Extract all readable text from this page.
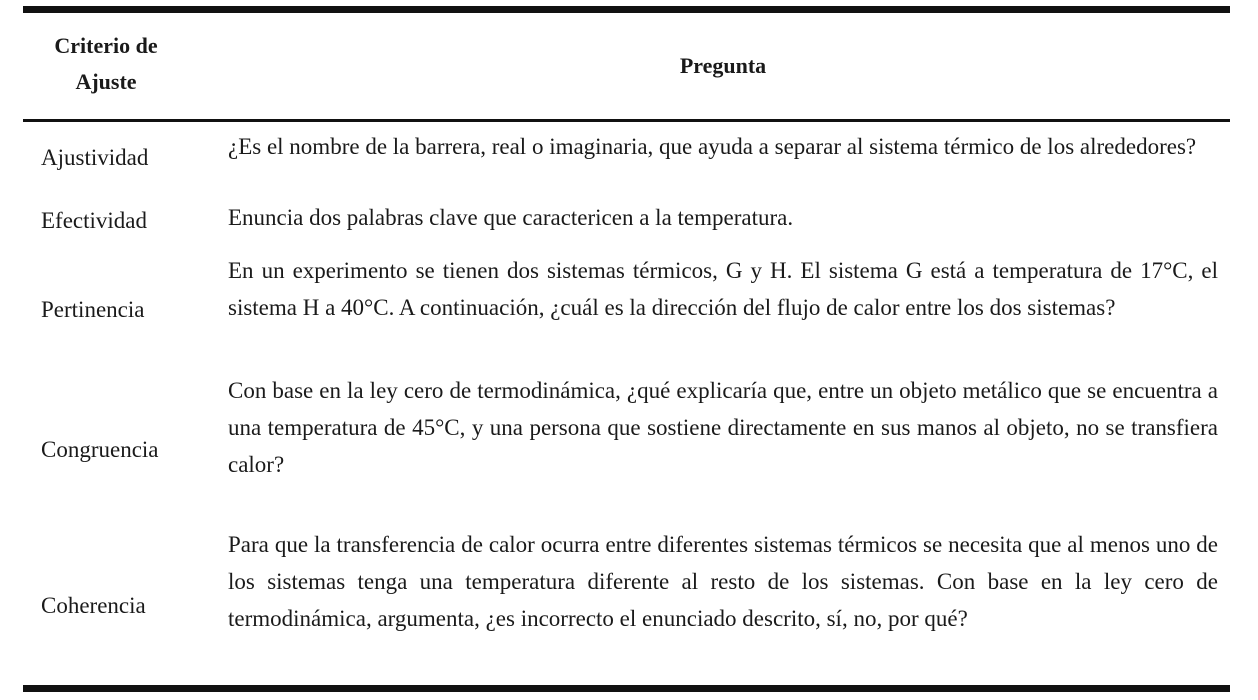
Criterio de
Ajuste
Pregunta
Ajustividad	¿Es el nombre de la barrera, real o imaginaria, que ayuda a separar al sistema térmico de los alrededores?
Efectividad	Enuncia dos palabras clave que caractericen a la temperatura.
Pertinencia
En un experimento se tienen dos sistemas térmicos, G y H. El sistema G está a temperatura de 17°C, el sistema H a 40°C. A continuación, ¿cuál es la dirección del flujo de calor entre los dos sistemas?
Congruencia
Con base en la ley cero de termodinámica, ¿qué explicaría que, entre un objeto metálico que se encuentra a una temperatura de 45°C, y una persona que sostiene directamente en sus manos al objeto, no se transfiera calor?
Coherencia
Para que la transferencia de calor ocurra entre diferentes sistemas térmicos se necesita que al menos uno de los sistemas tenga una temperatura diferente al resto de los sistemas. Con base en la ley cero de termodinámica, argumenta, ¿es incorrecto el enunciado descrito, sí, no, por qué?
